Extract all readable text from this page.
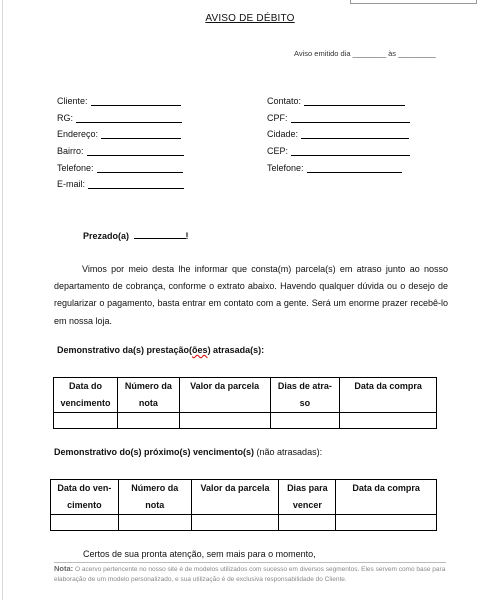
AVISO DE DÉBITO
Aviso emitido dia ________ às _________
Cliente:
RG:
Endereço:
Bairro:
Telefone:
E-mail:
Contato:
CPF:
Cidade:
CEP:
Telefone:
Prezado(a)	!
Vimos por meio desta lhe informar que consta(m) parcela(s) em atraso junto ao nosso departamento de cobrança, conforme o extrato abaixo. Havendo qualquer dúvida ou o desejo de regularizar o pagamento, basta entrar em contato com a gente. Será um enorme prazer recebê-lo em nossa loja.
Demonstrativo da(s) prestação(ões) atrasada(s):
Data do
vencimento	Número da
nota	Valor da parcela	Dias de atra-
so	Data da compra

Demonstrativo do(s) próximo(s) vencimento(s) (não atrasadas):
Data do ven-
cimento	Número da
nota	Valor da parcela	Dias para
vencer	Data da compra

Certos de sua pronta atenção, sem mais para o momento,
Nota: O acervo pertencente no nosso site é de modelos utilizados com sucesso em diversos segmentos. Eles servem como base para elaboração de um modelo personalizado, e sua utilização é de exclusiva responsabilidade do Cliente.
